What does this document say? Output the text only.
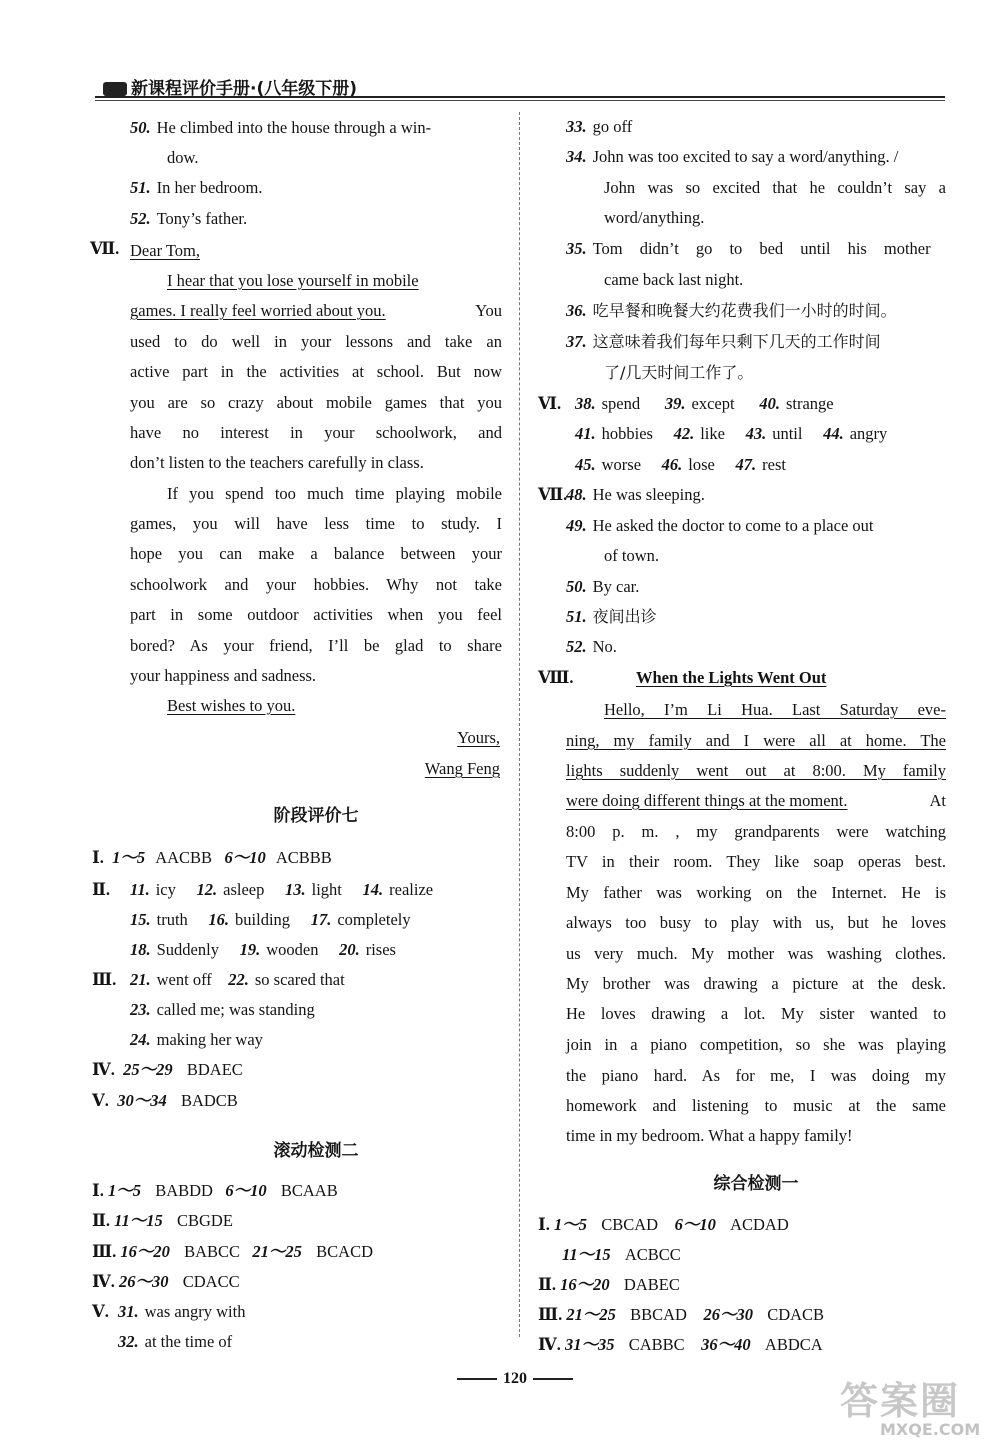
新课程评价手册·(八年级下册)
50. He climbed into the house through a win-
dow.
51. In her bedroom.
52. Tony’s father.
Ⅶ. Dear Tom,
I hear that you lose yourself in mobile
games. I really feel worried about you.	You
used to do well in your lessons and take an
active part in the activities at school. But now
you are so crazy about mobile games that you
have no interest in your schoolwork, and
don’t listen to the teachers carefully in class.
If you spend too much time playing mobile
games, you will have less time to study. I
hope you can make a balance between your
schoolwork and your hobbies. Why not take
part in some outdoor activities when you feel
bored? As your friend, I’ll be glad to share
your happiness and sadness.
Best wishes to you.
Yours,
Wang Feng
阶段评价七
Ⅰ. 1～5 AACBB 6～10 ACBBB
Ⅱ. 11. icy 12. asleep 13. light 14. realize
15. truth 16. building 17. completely
18. Suddenly 19. wooden 20. rises
Ⅲ. 21. went off 22. so scared that
23. called me; was standing
24. making her way
Ⅳ. 25～29 BDAEC
Ⅴ. 30～34 BADCB
滚动检测二
Ⅰ. 1～5 BABDD 6～10 BCAAB
Ⅱ. 11～15 CBGDE
Ⅲ. 16～20 BABCC 21～25 BCACD
Ⅳ. 26～30 CDACC
Ⅴ. 31. was angry with
32. at the time of
33. go off
34. John was too excited to say a word/anything. /
John was so excited that he couldn’t say a
word/anything.
35. Tom didn’t go to bed until his mother
came back last night.
36. 吃早餐和晚餐大约花费我们一小时的时间。
37. 这意味着我们每年只剩下几天的工作时间
了/几天时间工作了。
Ⅵ. 38. spend 39. except 40. strange
41. hobbies 42. like 43. until 44. angry
45. worse 46. lose 47. rest
Ⅶ.
48. He was sleeping.
49. He asked the doctor to come to a place out
of town.
50. By car.
51. 夜间出诊
52. No.
Ⅷ.	When the Lights Went Out
Hello, I’m Li Hua. Last Saturday eve-
ning, my family and I were all at home. The
lights suddenly went out at 8:00. My family
were doing different things at the moment.	At
8:00 p. m. , my grandparents were watching
TV in their room. They like soap operas best.
My father was working on the Internet. He is
always too busy to play with us, but he loves
us very much. My mother was washing clothes.
My brother was drawing a picture at the desk.
He loves drawing a lot. My sister wanted to
join in a piano competition, so she was playing
the piano hard. As for me, I was doing my
homework and listening to music at the same
time in my bedroom. What a happy family!
综合检测一
Ⅰ. 1～5 CBCAD 6～10 ACDAD
11～15 ACBCC
Ⅱ. 16～20 DABEC
Ⅲ. 21～25 BBCAD 26～30 CDACB
Ⅳ. 31～35 CABBC 36～40 ABDCA
120
答案圈
MXQE.COM
